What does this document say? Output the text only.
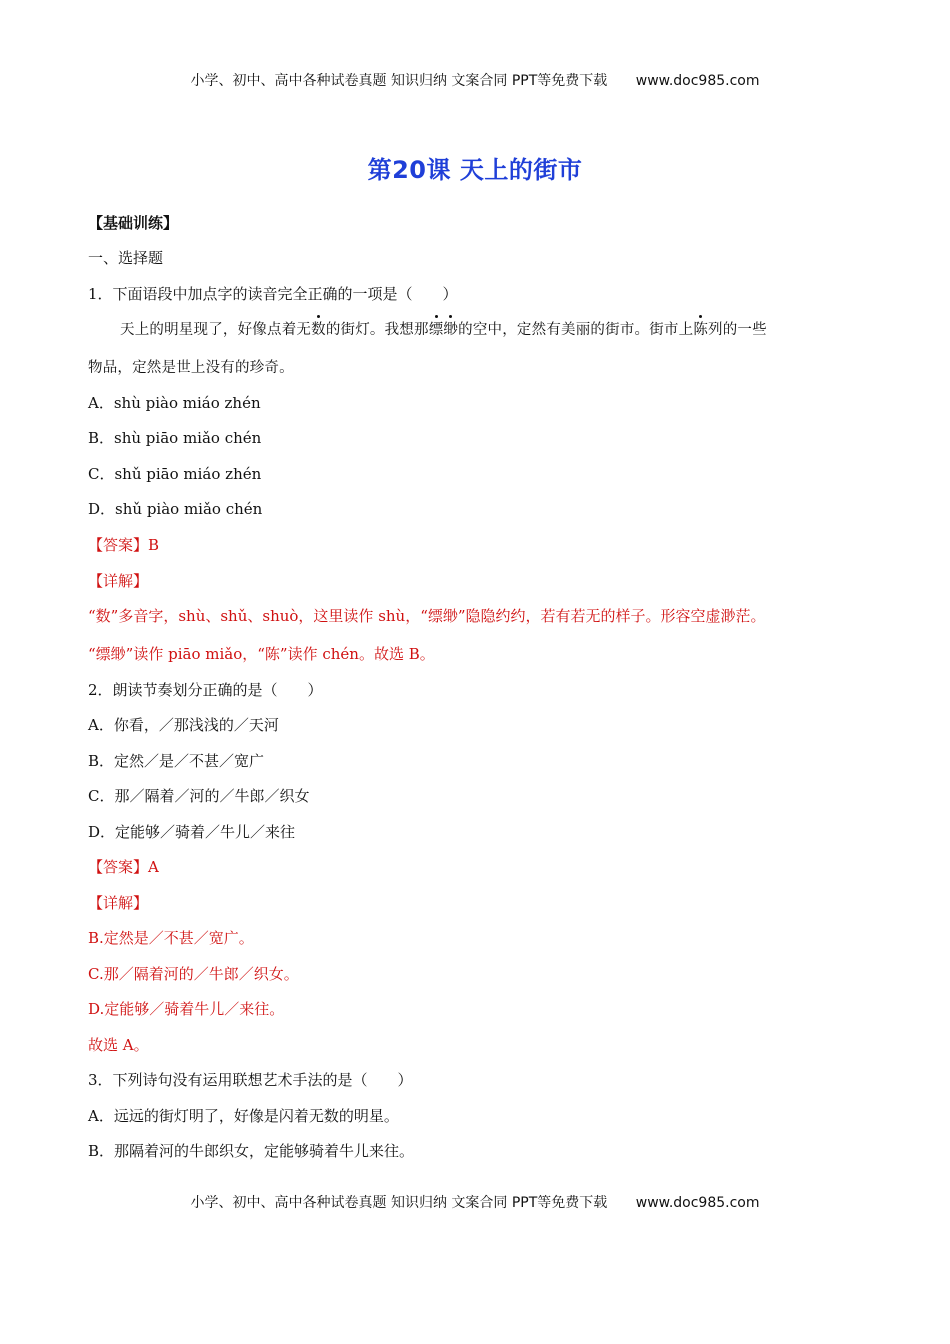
小学、初中、高中各种试卷真题 知识归纳 文案合同 PPT等免费下载 www.doc985.com
第20课 天上的街市
【基础训练】
一、选择题
1．下面语段中加点字的读音完全正确的一项是（　　）
天上的明星现了，好像点着无数的街灯。我想那缥缈的空中，定然有美丽的街市。街市上陈列的一些
物品，定然是世上没有的珍奇。
A．shù piào miáo zhén
B．shù piāo miǎo chén
C．shǔ piāo miáo zhén
D．shǔ piào miǎo chén
【答案】B
【详解】
“数”多音字，shù、shǔ、shuò，这里读作 shù，“缥缈”隐隐约约，若有若无的样子。形容空虚渺茫。
“缥缈”读作 piāo miǎo，“陈”读作 chén。故选 B。
2．朗读节奏划分正确的是（　　）
A．你看，／那浅浅的／天河
B．定然／是／不甚／宽广
C．那／隔着／河的／牛郎／织女
D．定能够／骑着／牛儿／来往
【答案】A
【详解】
B.定然是／不甚／宽广。
C.那／隔着河的／牛郎／织女。
D.定能够／骑着牛儿／来往。
故选 A。
3．下列诗句没有运用联想艺术手法的是（　　）
A．远远的街灯明了，好像是闪着无数的明星。
B．那隔着河的牛郎织女，定能够骑着牛儿来往。
小学、初中、高中各种试卷真题 知识归纳 文案合同 PPT等免费下载 www.doc985.com
